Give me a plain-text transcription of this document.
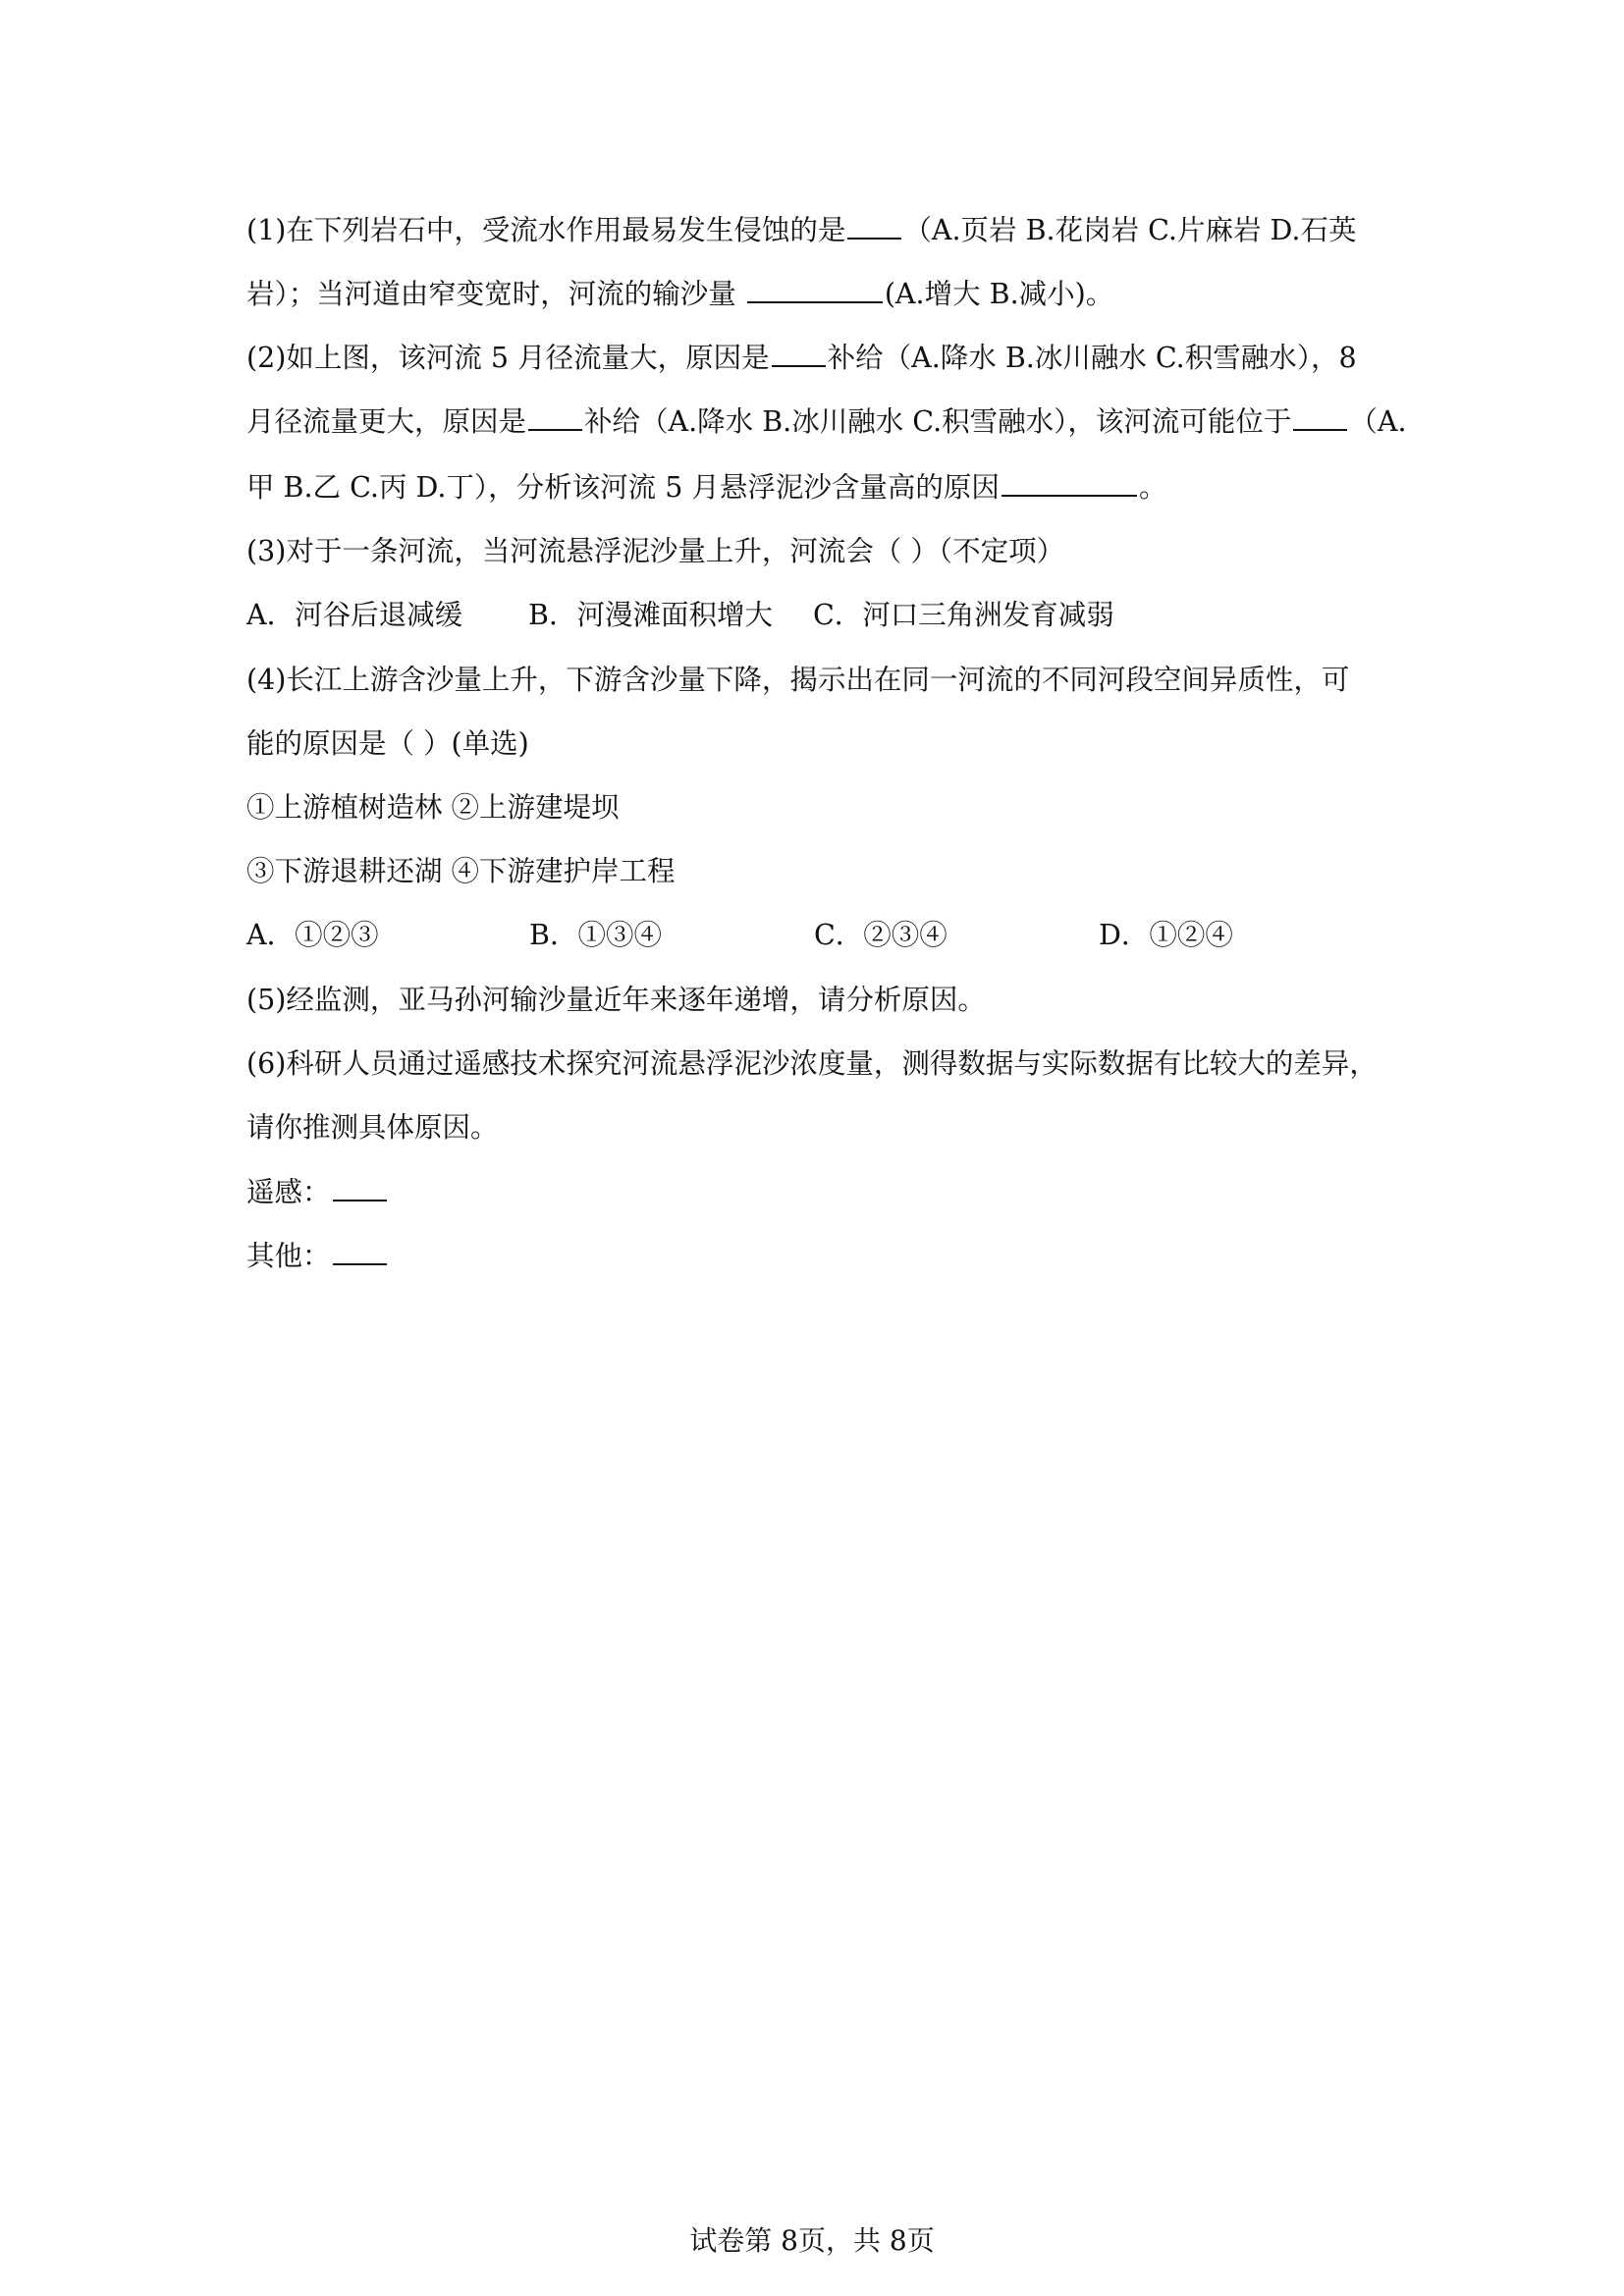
(1)在下列岩石中，受流水作用最易发生侵蚀的是 （A.页岩 B.花岗岩 C.片麻岩 D.石英
岩）；当河道由窄变宽时，河流的输沙量	(A.增大 B.减小)。
(2)如上图，该河流 5 月径流量大，原因是 补给（A.降水 B.冰川融水 C.积雪融水），8
月径流量更大，原因是 补给（A.降水 B.冰川融水 C.积雪融水），该河流可能位于 （A.
甲 B.乙 C.丙 D.丁），分析该河流 5 月悬浮泥沙含量高的原因	。
(3)对于一条河流，当河流悬浮泥沙量上升，河流会（ ）（不定项）
A．河谷后退减缓 B．河漫滩面积增大 C．河口三角洲发育减弱
(4)长江上游含沙量上升，下游含沙量下降，揭示出在同一河流的不同河段空间异质性，可
能的原因是（ ）(单选)
①上游植树造林 ②上游建堤坝
③下游退耕还湖 ④下游建护岸工程
A．①②③	B．①③④	C．②③④	D．①②④
(5)经监测，亚马孙河输沙量近年来逐年递增，请分析原因。
(6)科研人员通过遥感技术探究河流悬浮泥沙浓度量，测得数据与实际数据有比较大的差异，
请你推测具体原因。
遥感：
其他：
试卷第 8页，共 8页
